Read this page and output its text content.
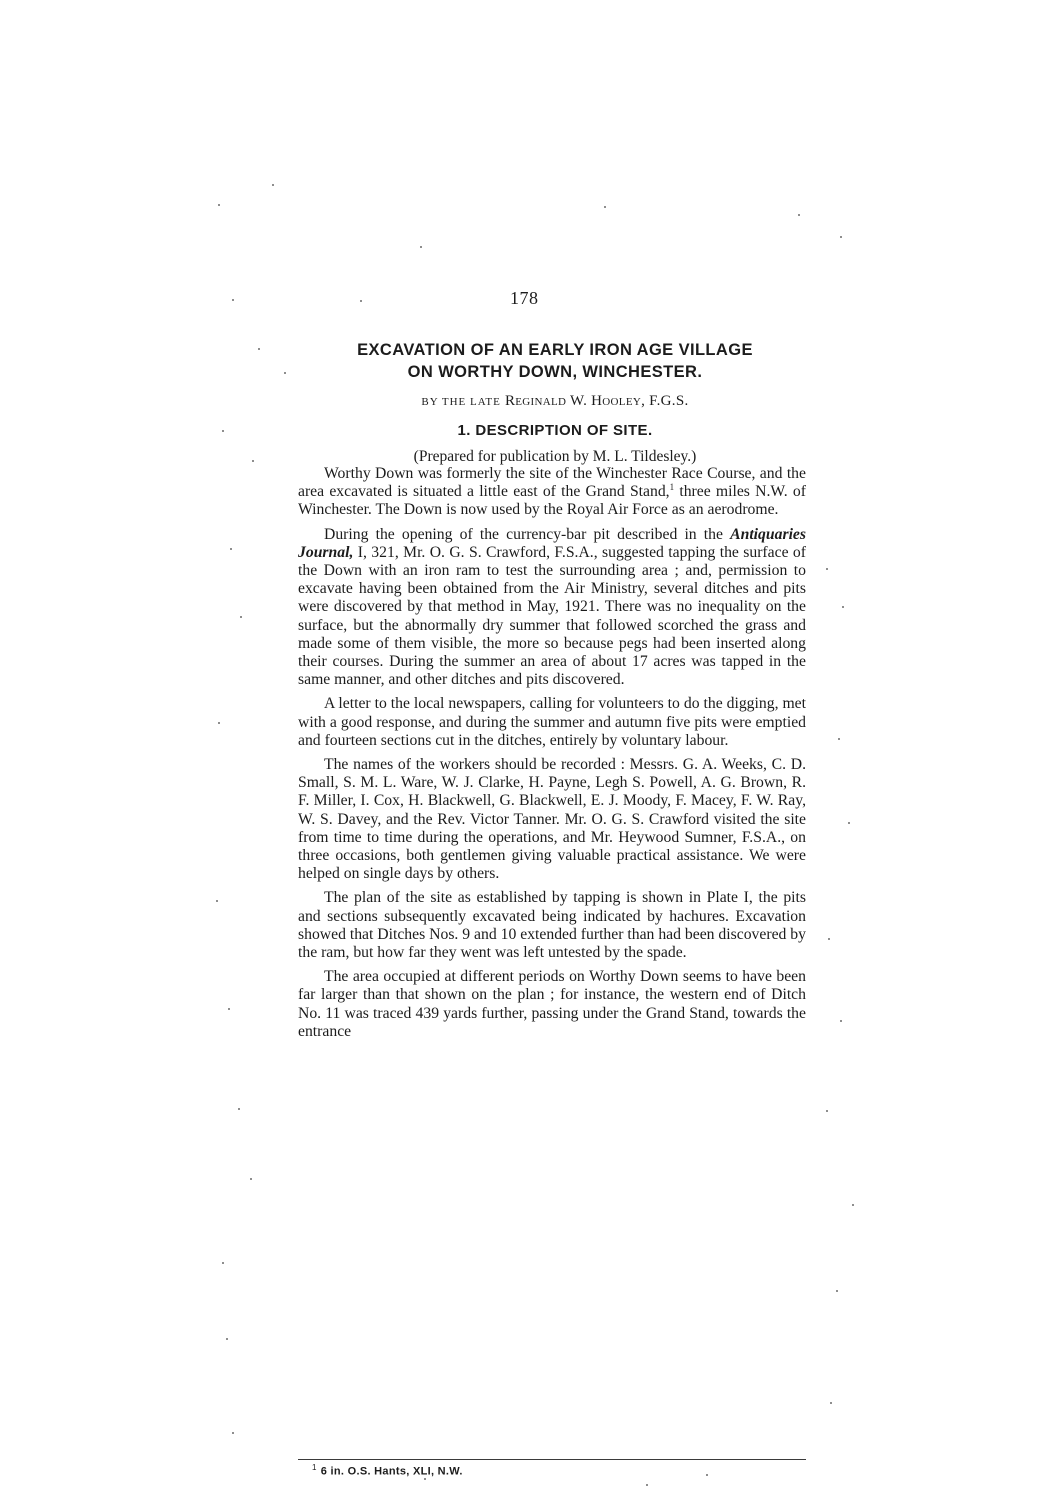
178

EXCAVATION OF AN EARLY IRON AGE VILLAGE

ON WORTHY DOWN, WINCHESTER.

BY THE LATE Reginald W. Hooley, F.G.S.
1. DESCRIPTION OF SITE.
(Prepared for publication by M. L. Tildesley.)

Worthy Down was formerly the site of the Winchester Race Course, and the area excavated is situated a little east of the Grand Stand,$^1$ three miles N.W. of Winchester. The Down is now used by the Royal Air Force as an aerodrome.

During the opening of the currency-bar pit described in the Antiquaries Journal, I, 321, Mr. O. G. S. Crawford, F.S.A., suggested tapping the surface of the Down with an iron ram to test the surrounding area ; and, permission to excavate having been obtained from the Air Ministry, several ditches and pits were discovered by that method in May, 1921. There was no inequality on the surface, but the abnormally dry summer that followed scorched the grass and made some of them visible, the more so because pegs had been inserted along their courses. During the summer an area of about 17 acres was tapped in the same manner, and other ditches and pits discovered.

A letter to the local newspapers, calling for volunteers to do the digging, met with a good response, and during the summer and autumn five pits were emptied and fourteen sections cut in the ditches, entirely by voluntary labour.

The names of the workers should be recorded : Messrs. G. A. Weeks, C. D. Small, S. M. L. Ware, W. J. Clarke, H. Payne, Legh S. Powell, A. G. Brown, R. F. Miller, I. Cox, H. Blackwell, G. Blackwell, E. J. Moody, F. Macey, F. W. Ray, W. S. Davey, and the Rev. Victor Tanner. Mr. O. G. S. Crawford visited the site from time to time during the operations, and Mr. Heywood Sumner, F.S.A., on three occasions, both gentlemen giving valuable practical assistance. We were helped on single days by others.

The plan of the site as established by tapping is shown in Plate I, the pits and sections subsequently excavated being indicated by hachures. Excavation showed that Ditches Nos. 9 and 10 extended further than had been discovered by the ram, but how far they went was left untested by the spade.

The area occupied at different periods on Worthy Down seems to have been far larger than that shown on the plan ; for instance, the western end of Ditch No. 11 was traced 439 yards further, passing under the Grand Stand, towards the entrance

$^1$ 6 in. O.S. Hants, XLI, N.W.
